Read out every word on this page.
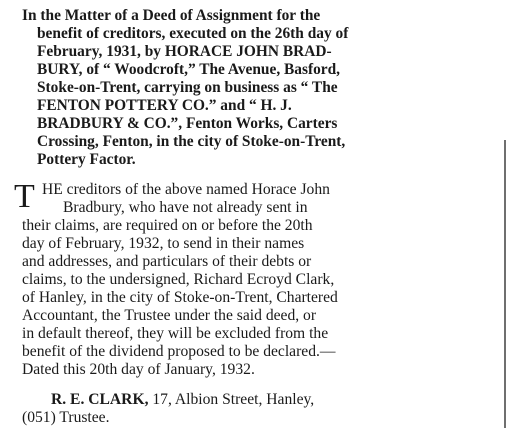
In the Matter of a Deed of Assignment for the
benefit of creditors, executed on the 26th day of
February, 1931, by HORACE JOHN BRAD-
BURY, of “ Woodcroft,” The Avenue, Basford,
Stoke-on-Trent, carrying on business as “ The
FENTON POTTERY CO.” and “ H. J.
BRADBURY & CO.”, Fenton Works, Carters
Crossing, Fenton, in the city of Stoke-on-Trent,
Pottery Factor.
T HE creditors of the above named Horace John
Bradbury, who have not already sent in
their claims, are required on or before the 20th
day of February, 1932, to send in their names
and addresses, and particulars of their debts or
claims, to the undersigned, Richard Ecroyd Clark,
of Hanley, in the city of Stoke-on-Trent, Chartered
Accountant, the Trustee under the said deed, or
in default thereof, they will be excluded from the
benefit of the dividend proposed to be declared.—
Dated this 20th day of January, 1932.
R. E. CLARK, 17, Albion Street, Hanley,
(051) Trustee.
